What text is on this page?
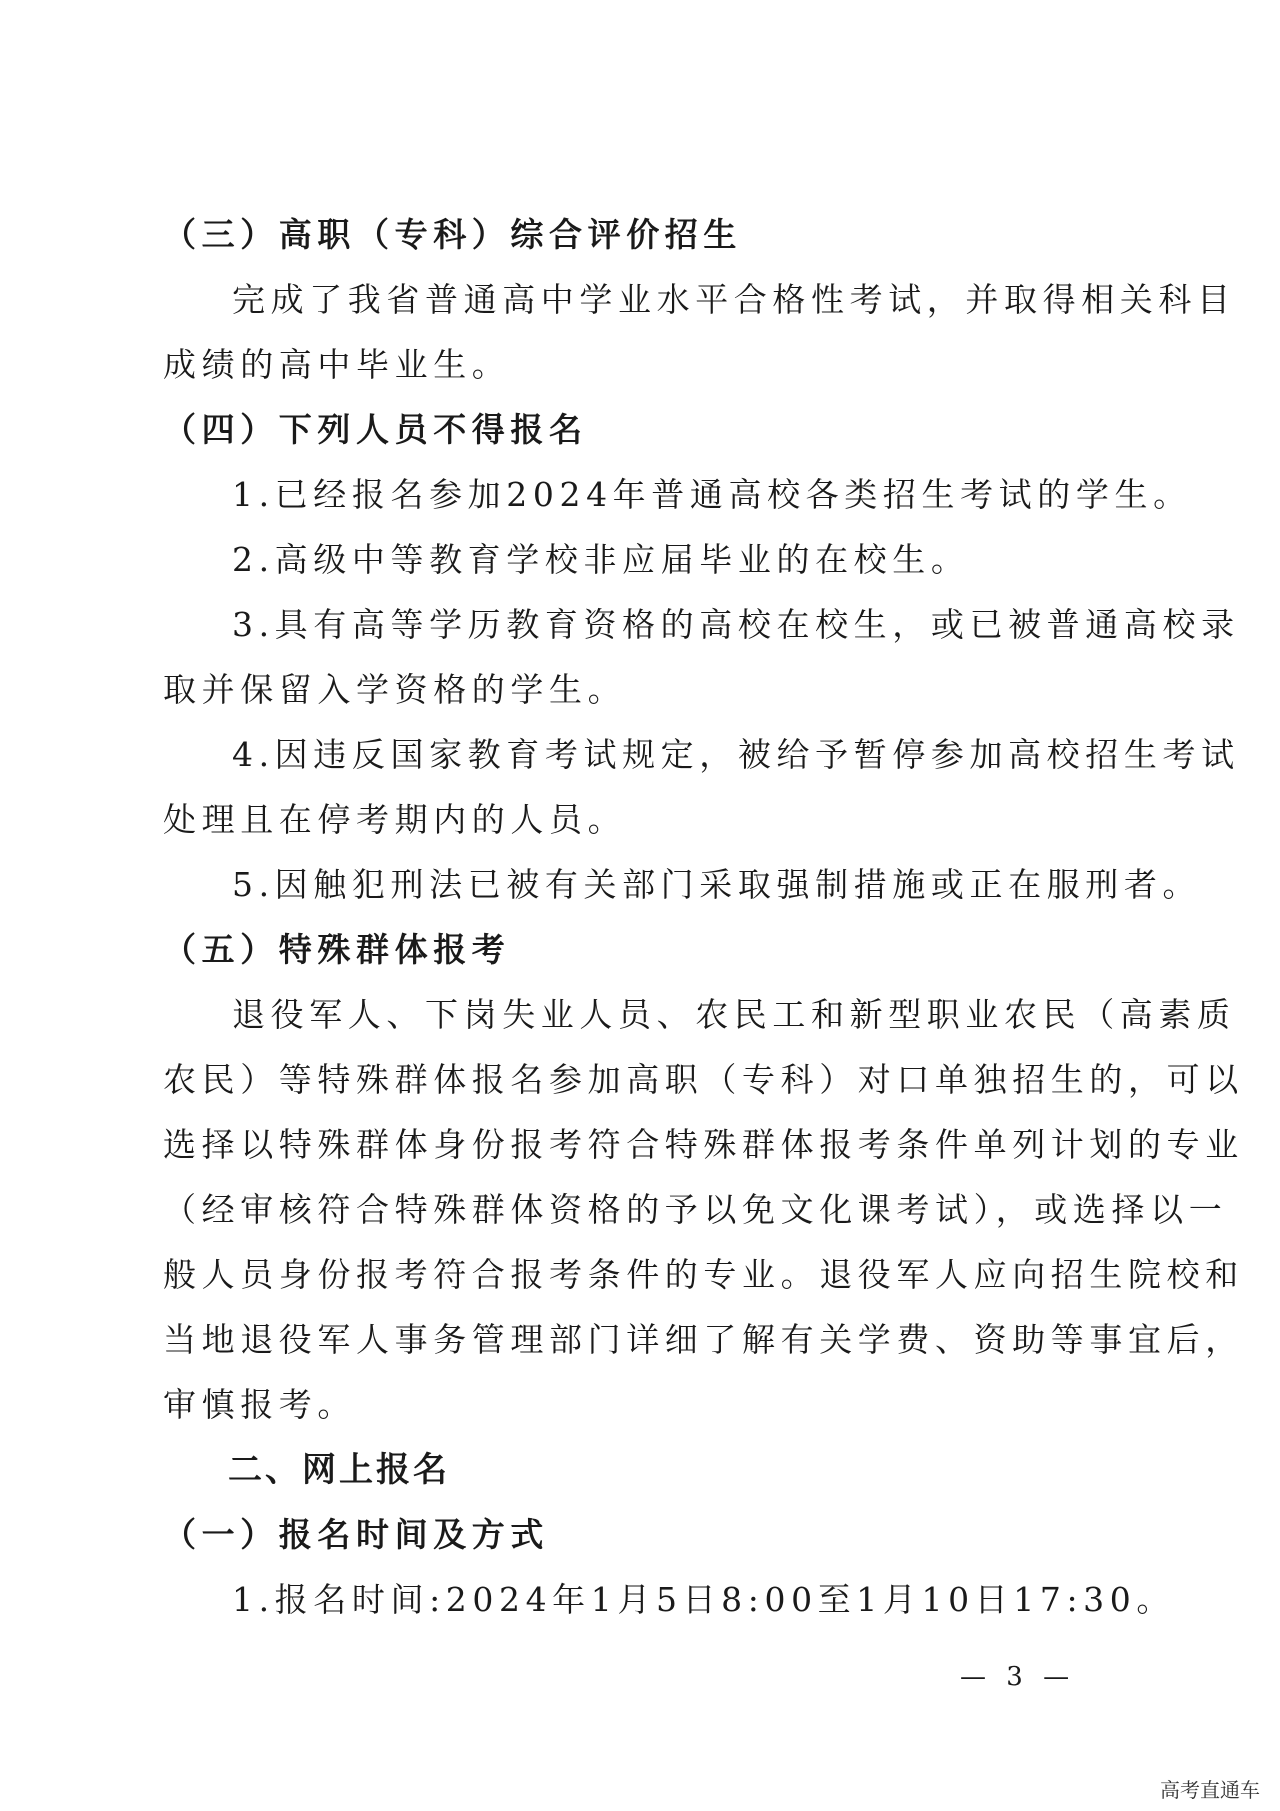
（三）高职（专科）综合评价招生

完成了我省普通高中学业水平合格性考试，并取得相关科目

成绩的高中毕业生。

（四）下列人员不得报名

1.已经报名参加2024年普通高校各类招生考试的学生。

2.高级中等教育学校非应届毕业的在校生。

3.具有高等学历教育资格的高校在校生，或已被普通高校录

取并保留入学资格的学生。

4.因违反国家教育考试规定，被给予暂停参加高校招生考试

处理且在停考期内的人员。

5.因触犯刑法已被有关部门采取强制措施或正在服刑者。

（五）特殊群体报考

退役军人、下岗失业人员、农民工和新型职业农民（高素质

农民）等特殊群体报名参加高职（专科）对口单独招生的，可以

选择以特殊群体身份报考符合特殊群体报考条件单列计划的专业

（经审核符合特殊群体资格的予以免文化课考试），或选择以一

般人员身份报考符合报考条件的专业。退役军人应向招生院校和

当地退役军人事务管理部门详细了解有关学费、资助等事宜后，

审慎报考。

二、网上报名

（一）报名时间及方式

1.报名时间:2024年1月5日8:00至1月10日17:30。

— 3 —
高考直通车
